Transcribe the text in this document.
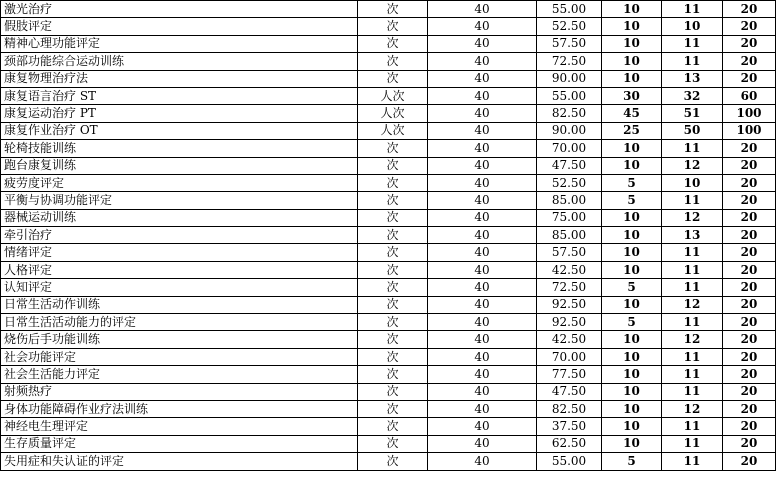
激光治疗	次	40	55.00	10	11	20
假肢评定	次	40	52.50	10	10	20
精神心理功能评定	次	40	57.50	10	11	20
颈部功能综合运动训练	次	40	72.50	10	11	20
康复物理治疗法	次	40	90.00	10	13	20
康复语言治疗 ST	人次	40	55.00	30	32	60
康复运动治疗 PT	人次	40	82.50	45	51	100
康复作业治疗 OT	人次	40	90.00	25	50	100
轮椅技能训练	次	40	70.00	10	11	20
跑台康复训练	次	40	47.50	10	12	20
疲劳度评定	次	40	52.50	5	10	20
平衡与协调功能评定	次	40	85.00	5	11	20
器械运动训练	次	40	75.00	10	12	20
牵引治疗	次	40	85.00	10	13	20
情绪评定	次	40	57.50	10	11	20
人格评定	次	40	42.50	10	11	20
认知评定	次	40	72.50	5	11	20
日常生活动作训练	次	40	92.50	10	12	20
日常生活活动能力的评定	次	40	92.50	5	11	20
烧伤后手功能训练	次	40	42.50	10	12	20
社会功能评定	次	40	70.00	10	11	20
社会生活能力评定	次	40	77.50	10	11	20
射频热疗	次	40	47.50	10	11	20
身体功能障碍作业疗法训练	次	40	82.50	10	12	20
神经电生理评定	次	40	37.50	10	11	20
生存质量评定	次	40	62.50	10	11	20
失用症和失认证的评定	次	40	55.00	5	11	20
